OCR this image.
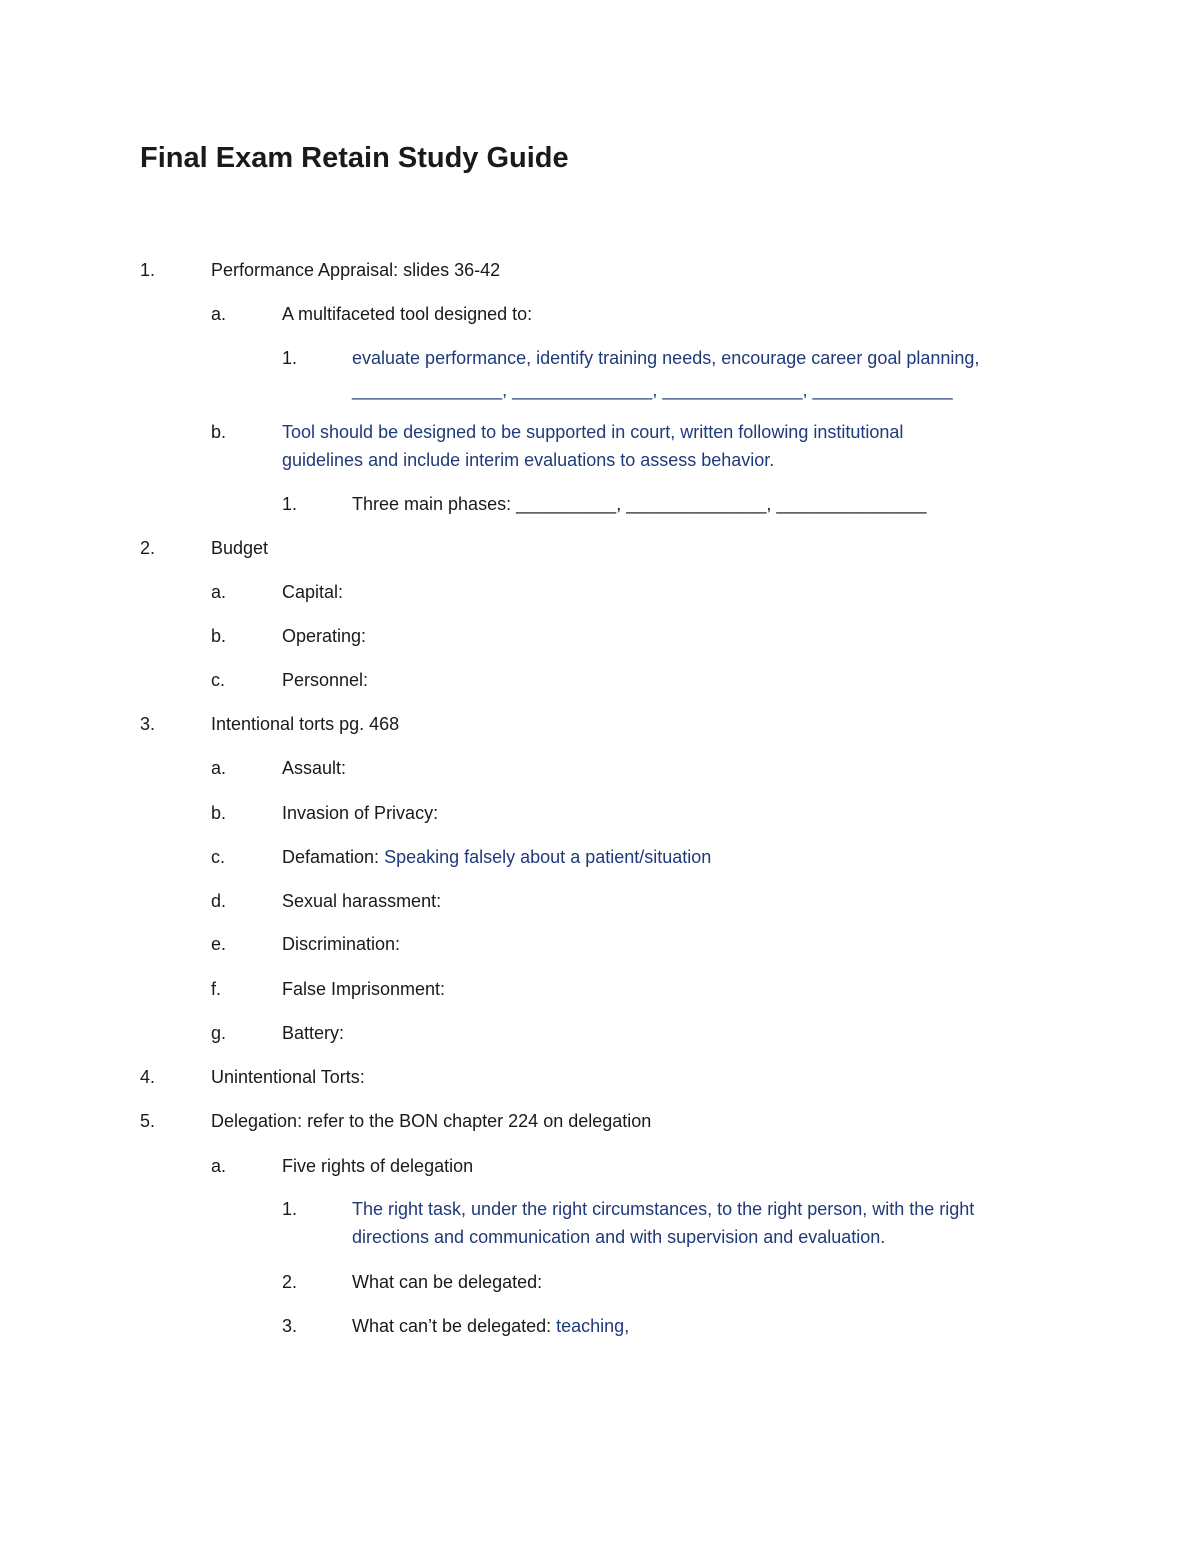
Final Exam Retain Study Guide
1.	Performance Appraisal: slides 36-42
a.	A multifaceted tool designed to:
1.	evaluate performance, identify training needs, encourage career goal planning,
_______________, ______________, ______________, ______________
b.	Tool should be designed to be supported in court, written following institutional
guidelines and include interim evaluations to assess behavior.
1.	Three main phases: __________, ______________, _______________
2.	Budget
a.	Capital:
b.	Operating:
c.	Personnel:
3.	Intentional torts pg. 468
a.	Assault:
b.	Invasion of Privacy:
c.	Defamation: Speaking falsely about a patient/situation
d.	Sexual harassment:
e.	Discrimination:
f.	False Imprisonment:
g.	Battery:
4.	Unintentional Torts:
5.	Delegation: refer to the BON chapter 224 on delegation
a.	Five rights of delegation
1.	The right task, under the right circumstances, to the right person, with the right
directions and communication and with supervision and evaluation.
2.	What can be delegated:
3.	What can’t be delegated: teaching,
